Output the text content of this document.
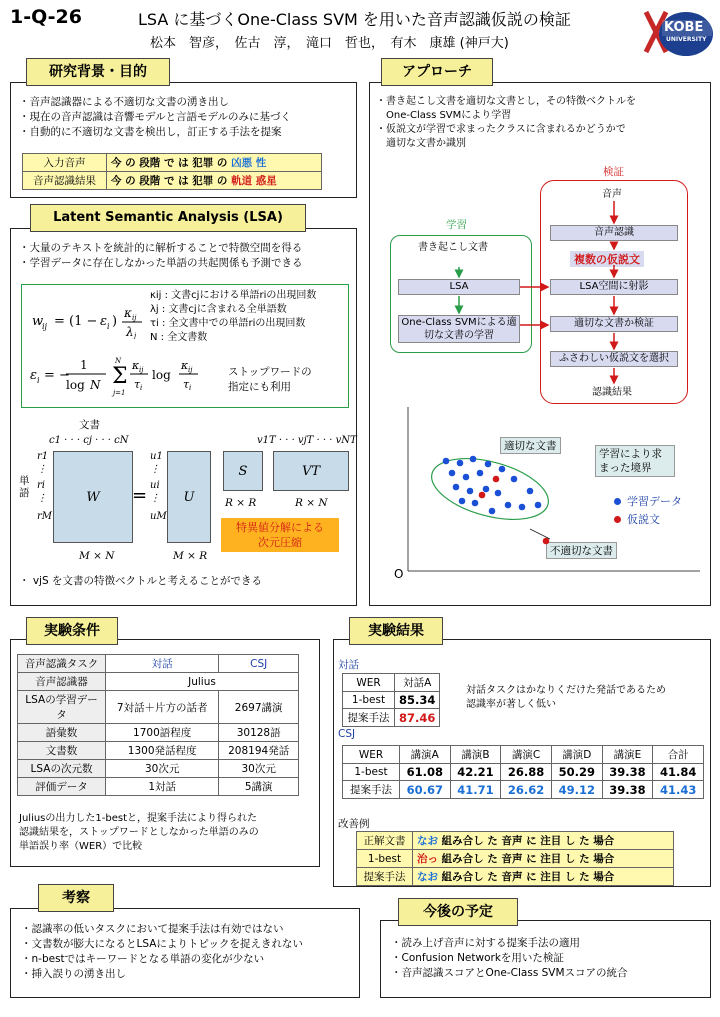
1-Q-26	LSA に基づくOne-Class SVM を用いた音声認識仮説の検証
松本　智彦，　佐古　淳，　滝口　哲也，　有木　康雄 (神戸大)
KOBE
UNIVERSITY
・音声認識器による不適切な文書の湧き出し
・現在の音声認識は音響モデルと言語モデルのみに基づく
・自動的に不適切な文書を検出し，訂正する手法を提案
入力音声	今 の 段階 で は 犯罪 の 凶悪 性
音声認識結果	今 の 段階 で は 犯罪 の 軌道 惑星
研究背景・目的
・大量のテキストを統計的に解析することで特徴空間を得る
・学習データに存在しなかった単語の共起関係も予測できる
w
ij = (1 − ε i )
κ ij
λ j
κij : 文書cjにおける単語riの出現回数
λj : 文書cjに含まれる全単語数
τi : 全文書中での単語riの出現回数
N : 全文書数
ε i = −
1
log N Σ
N
j=1
κ ij
τ i
log
κ ij
τ i
ストップワードの
指定にも利用
文書
c1 · · · cj · · · cN	v1T · · · vjT · · · vNT
単語
r1
⋮
ri
⋮
rM
W	=
u1
⋮
ui
⋮
uM
U
S	VT
R × R	R × N
特異値分解による
次元圧縮
M × N	M × R
・ vjS を文書の特徴ベクトルと考えることができる
Latent Semantic Analysis (LSA)
・書き起こし文書を適切な文書とし，その特徴ベクトルを
　One-Class SVMにより学習
・仮説文が学習で求まったクラスに含まれるかどうかで
　適切な文書か識別
学習
書き起こし文書
LSA
One-Class SVMによる適切な文書の学習
検証
音声
音声認識
複数の仮説文
LSA空間に射影
適切な文書か検証
ふさわしい仮説文を選択
認識結果
O
適切な文書
学習により求まった境界
学習データ
仮説文
不適切な文書
アプローチ
音声認識タスク	対話	CSJ
音声認識器	Julius	
LSAの学習データ	7対話＋片方の話者	2697講演
語彙数	1700語程度	30128語
文書数	1300発話程度	208194発話
LSAの次元数	30次元	30次元
評価データ	1対話	5講演
Juliusの出力した1-bestと，提案手法により得られた
認識結果を，ストップワードとしなかった単語のみの
単語誤り率（WER）で比較
実験条件
対話
WER	対話A
1-best	85.34
提案手法	87.46
対話タスクはかなりくだけた発話であるため
認識率が著しく低い
CSJ
WER	講演A	講演B	講演C	講演D	講演E	合計
1-best	61.08	42.21	26.88	50.29	39.38	41.84
提案手法	60.67	41.71	26.62	49.12	39.38	41.43
改善例
正解文書	なお 組み合し た 音声 に 注目 し た 場合
1-best	治っ 組み合し た 音声 に 注目 し た 場合
提案手法	なお 組み合し た 音声 に 注目 し た 場合
実験結果
・認識率の低いタスクにおいて提案手法は有効ではない
・文書数が膨大になるとLSAによりトピックを捉えきれない
・n-bestではキーワードとなる単語の変化が少ない
・挿入誤りの湧き出し
考察
・読み上げ音声に対する提案手法の適用
・Confusion Networkを用いた検証
・音声認識スコアとOne-Class SVMスコアの統合
今後の予定
